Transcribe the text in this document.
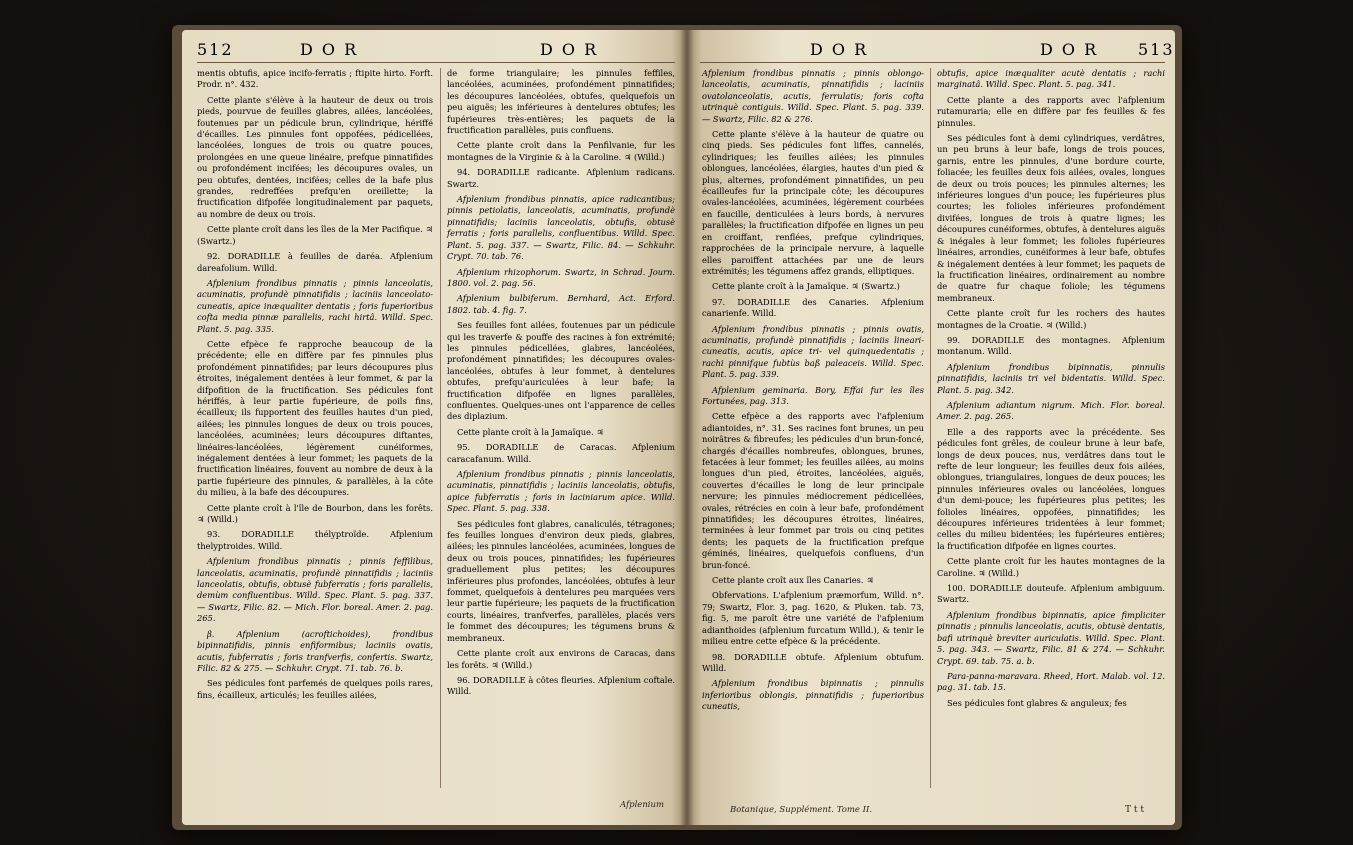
512	D O R	D O R	D O R	D O R 513

mentis obtufis, apice incifo-ferratis ; ftipite hirto. Forft. Prodr. n°. 432.

Cette plante s'élève à la hauteur de deux ou trois pieds, pourvue de feuilles glabres, ailées, lancéolées, foutenues par un pédicule brun, cylindrique, hériffé d'écailles. Les pinnules font oppofées, pédicellées, lancéolées, longues de trois ou quatre pouces, prolongées en une queue linéaire, prefque pinnatifides ou profondément incifées; les découpures ovales, un peu obtufes, dentées, incifées; celles de la bafe plus grandes, redreffées prefqu'en oreillette; la fructification difpofée longitudinalement par paquets, au nombre de deux ou trois.

Cette plante croît dans les îles de la Mer Pacifique. ♃ (Swartz.)

92. DORADILLE à feuilles de daréa. Afplenium dareafolium. Willd.

Afplenium frondibus pinnatis ; pinnis lanceolatis, acuminatis, profundè pinnatifidis ; laciniis lanceolato-cuneatis, apice inæqualiter dentatis ; foris fuperioribus cofta media pinnæ parallelis, rachi hirtâ. Willd. Spec. Plant. 5. pag. 335.

Cette efpèce fe rapproche beaucoup de la précédente; elle en diffère par fes pinnules plus profondément pinnatifides; par leurs découpures plus étroites, inégalement dentées à leur fommet, & par la difpofition de la fructification. Ses pédicules font hériffés, à leur partie fupérieure, de poils fins, écailleux; ils fupportent des feuilles hautes d'un pied, ailées; les pinnules longues de deux ou trois pouces, lancéolées, acuminées; leurs découpures diftantes, linéaires-lancéolées, légèrement cunéiformes, inégalement dentées à leur fommet; les paquets de la fructification linéaires, fouvent au nombre de deux à la partie fupérieure des pinnules, & parallèles, à la côte du milieu, à la bafe des découpures.

Cette plante croît à l'île de Bourbon, dans les forêts. ♃ (Willd.)

93. DORADILLE thélyptroïde. Afplenium thelyptroides. Willd.

Afplenium frondibus pinnatis ; pinnis feffilibus, lanceolatis, acuminatis, profundè pinnatifidis ; laciniis lanceolatis, obtufis, obtusè fubferratis ; foris parallelis, demùm confluentibus. Willd. Spec. Plant. 5. pag. 337. — Swartz, Filic. 82. — Mich. Flor. boreal. Amer. 2. pag. 265.

β. Afplenium (acroftichoides), frondibus bipinnatifidis, pinnis enfiformibus; laciniis ovatis, acutis, fubferratis ; foris tranfverfis, confertis. Swartz, Filic. 82 & 275. — Schkuhr. Crypt. 71. tab. 76. b.

Ses pédicules font parfemés de quelques poils rares, fins, écailleux, articulés; les feuilles ailées,

de forme triangulaire; les pinnules feffiles, lancéolées, acuminées, profondément pinnatifides; les découpures lancéolées, obtufes, quelquefois un peu aiguës; les inférieures à dentelures obtufes; les fupérieures très-entières; les paquets de la fructification parallèles, puis confluens.

Cette plante croît dans la Penfilvanie, fur les montagnes de la Virginie & à la Caroline. ♃ (Willd.)

94. DORADILLE radicante. Afplenium radicans. Swartz.

Afplenium frondibus pinnatis, apice radicantibus; pinnis petiolatis, lanceolatis, acuminatis, profundè pinnatifidis; laciniis lanceolatis, obtufis, obtusè ferratis ; foris parallelis, confluentibus. Willd. Spec. Plant. 5. pag. 337. — Swartz, Filic. 84. — Schkuhr. Crypt. 70. tab. 76.

Afplenium rhizophorum. Swartz, in Schrad. Journ. 1800. vol. 2. pag. 56.

Afplenium bulbiferum. Bernhard, Act. Erford. 1802. tab. 4. fig. 7.

Ses feuilles font ailées, foutenues par un pédicule qui les traverfe & pouffe des racines à fon extrémité; les pinnules pédicellées, glabres, lancéolées, profondément pinnatifides; les découpures ovales-lancéolées, obtufes à leur fommet, à dentelures obtufes, prefqu'auriculées à leur bafe; la fructification difpofée en lignes parallèles, confluentes. Quelques-unes ont l'apparence de celles des diplazium.

Cette plante croît à la Jamaïque. ♃

95. DORADILLE de Caracas. Afplenium caracafanum. Willd.

Afplenium frondibus pinnatis ; pinnis lanceolatis, acuminatis, pinnatifidis ; laciniis lanceolatis, obtufis, apice fubferratis ; foris in laciniarum apice. Willd. Spec. Plant. 5. pag. 338.

Ses pédicules font glabres, canaliculés, tétragones; fes feuilles longues d'environ deux pieds, glabres, ailées; les pinnules lancéolées, acuminées, longues de deux ou trois pouces, pinnatifides; les fupérieures graduellement plus petites; les découpures inférieures plus profondes, lancéolées, obtufes à leur fommet, quelquefois à dentelures peu marquées vers leur partie fupérieure; les paquets de la fructification courts, linéaires, tranfverfes, parallèles, placés vers le fommet des découpures; les tégumens bruns & membraneux.

Cette plante croît aux environs de Caracas, dans les forêts. ♃ (Willd.)

96. DORADILLE à côtes fleuries. Afplenium coftale. Willd.

Afplenium frondibus pinnatis ; pinnis oblongo-lanceolatis, acuminatis, pinnatifidis ; laciniis ovatolanceolatis, acutis, ferrulatis; foris cofta utrinquè contiguis. Willd. Spec. Plant. 5. pag. 339. — Swartz, Filic. 82 & 276.

Cette plante s'élève à la hauteur de quatre ou cinq pieds. Ses pédicules font liffes, cannelés, cylindriques; les feuilles ailées; les pinnules oblongues, lancéolées, élargies, hautes d'un pied & plus, alternes, profondément pinnatifides, un peu écailleufes fur la principale côte; les découpures ovales-lancéolées, acuminées, légèrement courbées en faucille, denticulées à leurs bords, à nervures parallèles; la fructification difpofée en lignes un peu en croiffant, renflées, prefque cylindriques, rapprochées de la principale nervure, à laquelle elles paroiffent attachées par une de leurs extrémités; les tégumens affez grands, elliptiques.

Cette plante croît à la Jamaïque. ♃ (Swartz.)

97. DORADILLE des Canaries. Afplenium canarienfe. Willd.

Afplenium frondibus pinnatis ; pinnis ovatis, acuminatis, profundè pinnatifidis ; laciniis lineari-cuneatis, acutis, apice tri- vel quinquedentatis ; rachi pinnifque fubtùs baß paleaceis. Willd. Spec. Plant. 5. pag. 339.

Afplenium geminaria. Bory, Effai fur les îles Fortunées, pag. 313.

Cette efpèce a des rapports avec l'afplenium adiantoides, n°. 31. Ses racines font brunes, un peu noirâtres & fibreufes; les pédicules d'un brun-foncé, chargés d'écailles nombreufes, oblongues, brunes, fetacées à leur fommet; les feuilles ailées, au moins longues d'un pied, étroites, lancéolées, aiguës, couvertes d'écailles le long de leur principale nervure; les pinnules médiocrement pédicellées, ovales, rétrécies en coin à leur bafe, profondément pinnatifides; les découpures étroites, linéaires, terminées à leur fommet par trois ou cinq petites dents; les paquets de la fructification prefque géminés, linéaires, quelquefois confluens, d'un brun-foncé.

Cette plante croît aux îles Canaries. ♃

Obfervations. L'afplenium præmorfum, Willd. n°. 79; Swartz, Flor. 3, pag. 1620, & Pluken. tab. 73, fig. 5, me paroît être une variété de l'afplenium adianthoides (afplenium furcatum Willd.), & tenir le milieu entre cette efpèce & la précédente.

98. DORADILLE obtufe. Afplenium obtufum. Willd.

Afplenium frondibus bipinnatis ; pinnulis inferioribus oblongis, pinnatifidis ; fuperioribus cuneatis,

obtufis, apice inæqualiter acutè dentatis ; rachi marginatâ. Willd. Spec. Plant. 5. pag. 341.

Cette plante a des rapports avec l'afplenium rutamuraria; elle en diffère par fes feuilles & fes pinnules.

Ses pédicules font à demi cylindriques, verdâtres, un peu bruns à leur bafe, longs de trois pouces, garnis, entre les pinnules, d'une bordure courte, foliacée; les feuilles deux fois ailées, ovales, longues de deux ou trois pouces; les pinnules alternes; les inférieures longues d'un pouce; les fupérieures plus courtes; les folioles inférieures profondément divifées, longues de trois à quatre lignes; les découpures cunéiformes, obtufes, à dentelures aiguës & inégales à leur fommet; les folioles fupérieures linéaires, arrondies, cunéiformes à leur bafe, obtufes & inégalement dentées à leur fommet; les paquets de la fructification linéaires, ordinairement au nombre de quatre fur chaque foliole; les tégumens membraneux.

Cette plante croît fur les rochers des hautes montagnes de la Croatie. ♃ (Willd.)

99. DORADILLE des montagnes. Afplenium montanum. Willd.

Afplenium frondibus bipinnatis, pinnulis pinnatifidis, laciniis tri vel bidentatis. Willd. Spec. Plant. 5. pag. 342.

Afplenium adiantum nigrum. Mich. Flor. boreal. Amer. 2. pag. 265.

Elle a des rapports avec la précédente. Ses pédicules font grêles, de couleur brune à leur bafe, longs de deux pouces, nus, verdâtres dans tout le refte de leur longueur; les feuilles deux fois ailées, oblongues, triangulaires, longues de deux pouces; les pinnules inférieures ovales ou lancéolées, longues d'un demi-pouce; les fupérieures plus petites; les folioles linéaires, oppofées, pinnatifides; les découpures inférieures tridentées à leur fommet; celles du milieu bidentées; les fupérieures entières; la fructification difpofée en lignes courtes.

Cette plante croît fur les hautes montagnes de la Caroline. ♃ (Willd.)

100. DORADILLE douteufe. Afplenium ambiguum. Swartz.

Afplenium frondibus bipinnatis, apice fimpliciter pinnatis ; pinnulis lanceolatis, acutis, obtusè dentatis, bafi utrinquè breviter auriculatis. Willd. Spec. Plant. 5. pag. 343. — Swartz, Filic. 81 & 274. — Schkuhr. Crypt. 69. tab. 75. a. b.

Para-panna-maravara. Rheed, Hort. Malab. vol. 12. pag. 31. tab. 15.

Ses pédicules font glabres & anguleux; fes

Afplenium	Botanique, Supplément. Tome II.	T t t
